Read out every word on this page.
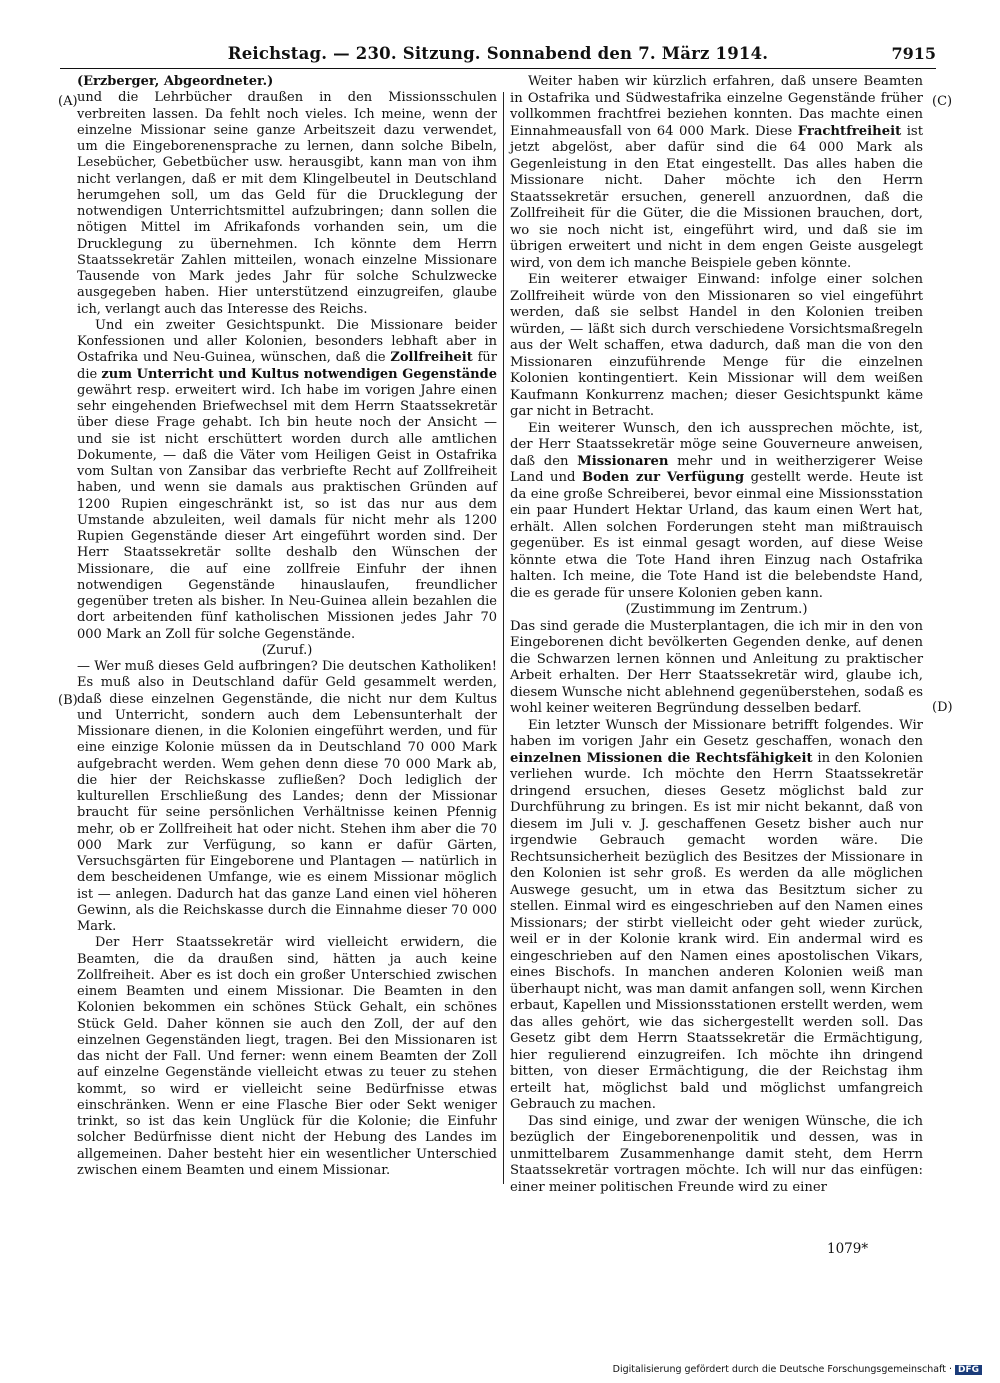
Reichstag. — 230. Sitzung. Sonnabend den 7. März 1914.	7915
(A)
(B)
(C)
(D)

(Erzberger, Abgeordneter.)

und die Lehrbücher draußen in den Missionsschulen verbreiten lassen. Da fehlt noch vieles. Ich meine, wenn der einzelne Missionar seine ganze Arbeitszeit dazu verwendet, um die Eingeborenensprache zu lernen, dann solche Bibeln, Lesebücher, Gebetbücher usw. herausgibt, kann man von ihm nicht verlangen, daß er mit dem Klingelbeutel in Deutschland herumgehen soll, um das Geld für die Drucklegung der notwendigen Unterrichtsmittel aufzubringen; dann sollen die nötigen Mittel im Afrikafonds vorhanden sein, um die Drucklegung zu übernehmen. Ich könnte dem Herrn Staatssekretär Zahlen mitteilen, wonach einzelne Missionare Tausende von Mark jedes Jahr für solche Schulzwecke ausgegeben haben. Hier unterstützend einzugreifen, glaube ich, verlangt auch das Interesse des Reichs.

Und ein zweiter Gesichtspunkt. Die Missionare beider Konfessionen und aller Kolonien, besonders lebhaft aber in Ostafrika und Neu-Guinea, wünschen, daß die Zollfreiheit für die zum Unterricht und Kultus notwendigen Gegenstände gewährt resp. erweitert wird. Ich habe im vorigen Jahre einen sehr eingehenden Briefwechsel mit dem Herrn Staatssekretär über diese Frage gehabt. Ich bin heute noch der Ansicht — und sie ist nicht erschüttert worden durch alle amtlichen Dokumente, — daß die Väter vom Heiligen Geist in Ostafrika vom Sultan von Zansibar das verbriefte Recht auf Zollfreiheit haben, und wenn sie damals aus praktischen Gründen auf 1200 Rupien eingeschränkt ist, so ist das nur aus dem Umstande abzuleiten, weil damals für nicht mehr als 1200 Rupien Gegenstände dieser Art eingeführt worden sind. Der Herr Staatssekretär sollte deshalb den Wünschen der Missionare, die auf eine zollfreie Einfuhr der ihnen notwendigen Gegenstände hinauslaufen, freundlicher gegenüber treten als bisher. In Neu-Guinea allein bezahlen die dort arbeitenden fünf katholischen Missionen jedes Jahr 70 000 Mark an Zoll für solche Gegenstände.

(Zuruf.)

— Wer muß dieses Geld aufbringen? Die deutschen Katholiken! Es muß also in Deutschland dafür Geld gesammelt werden, daß diese einzelnen Gegenstände, die nicht nur dem Kultus und Unterricht, sondern auch dem Lebensunterhalt der Missionare dienen, in die Kolonien eingeführt werden, und für eine einzige Kolonie müssen da in Deutschland 70 000 Mark aufgebracht werden. Wem gehen denn diese 70 000 Mark ab, die hier der Reichskasse zufließen? Doch lediglich der kulturellen Erschließung des Landes; denn der Missionar braucht für seine persönlichen Verhältnisse keinen Pfennig mehr, ob er Zollfreiheit hat oder nicht. Stehen ihm aber die 70 000 Mark zur Verfügung, so kann er dafür Gärten, Versuchsgärten für Eingeborene und Plantagen — natürlich in dem bescheidenen Umfange, wie es einem Missionar möglich ist — anlegen. Dadurch hat das ganze Land einen viel höheren Gewinn, als die Reichskasse durch die Einnahme dieser 70 000 Mark.

Der Herr Staatssekretär wird vielleicht erwidern, die Beamten, die da draußen sind, hätten ja auch keine Zollfreiheit. Aber es ist doch ein großer Unterschied zwischen einem Beamten und einem Missionar. Die Beamten in den Kolonien bekommen ein schönes Stück Gehalt, ein schönes Stück Geld. Daher können sie auch den Zoll, der auf den einzelnen Gegenständen liegt, tragen. Bei den Missionaren ist das nicht der Fall. Und ferner: wenn einem Beamten der Zoll auf einzelne Gegenstände vielleicht etwas zu teuer zu stehen kommt, so wird er vielleicht seine Bedürfnisse etwas einschränken. Wenn er eine Flasche Bier oder Sekt weniger trinkt, so ist das kein Unglück für die Kolonie; die Einfuhr solcher Bedürfnisse dient nicht der Hebung des Landes im allgemeinen. Daher besteht hier ein wesentlicher Unterschied zwischen einem Beamten und einem Missionar.

Weiter haben wir kürzlich erfahren, daß unsere Beamten in Ostafrika und Südwestafrika einzelne Gegenstände früher vollkommen frachtfrei beziehen konnten. Das machte einen Einnahmeausfall von 64 000 Mark. Diese Frachtfreiheit ist jetzt abgelöst, aber dafür sind die 64 000 Mark als Gegenleistung in den Etat eingestellt. Das alles haben die Missionare nicht. Daher möchte ich den Herrn Staatssekretär ersuchen, generell anzuordnen, daß die Zollfreiheit für die Güter, die die Missionen brauchen, dort, wo sie noch nicht ist, eingeführt wird, und daß sie im übrigen erweitert und nicht in dem engen Geiste ausgelegt wird, von dem ich manche Beispiele geben könnte.

Ein weiterer etwaiger Einwand: infolge einer solchen Zollfreiheit würde von den Missionaren so viel eingeführt werden, daß sie selbst Handel in den Kolonien treiben würden, — läßt sich durch verschiedene Vorsichtsmaßregeln aus der Welt schaffen, etwa dadurch, daß man die von den Missionaren einzuführende Menge für die einzelnen Kolonien kontingentiert. Kein Missionar will dem weißen Kaufmann Konkurrenz machen; dieser Gesichtspunkt käme gar nicht in Betracht.

Ein weiterer Wunsch, den ich aussprechen möchte, ist, der Herr Staatssekretär möge seine Gouverneure anweisen, daß den Missionaren mehr und in weitherzigerer Weise Land und Boden zur Verfügung gestellt werde. Heute ist da eine große Schreiberei, bevor einmal eine Missionsstation ein paar Hundert Hektar Urland, das kaum einen Wert hat, erhält. Allen solchen Forderungen steht man mißtrauisch gegenüber. Es ist einmal gesagt worden, auf diese Weise könnte etwa die Tote Hand ihren Einzug nach Ostafrika halten. Ich meine, die Tote Hand ist die belebendste Hand, die es gerade für unsere Kolonien geben kann.

(Zustimmung im Zentrum.)

Das sind gerade die Musterplantagen, die ich mir in den von Eingeborenen dicht bevölkerten Gegenden denke, auf denen die Schwarzen lernen können und Anleitung zu praktischer Arbeit erhalten. Der Herr Staatssekretär wird, glaube ich, diesem Wunsche nicht ablehnend gegenüberstehen, sodaß es wohl keiner weiteren Begründung desselben bedarf.

Ein letzter Wunsch der Missionare betrifft folgendes. Wir haben im vorigen Jahr ein Gesetz geschaffen, wonach den einzelnen Missionen die Rechtsfähigkeit in den Kolonien verliehen wurde. Ich möchte den Herrn Staatssekretär dringend ersuchen, dieses Gesetz möglichst bald zur Durchführung zu bringen. Es ist mir nicht bekannt, daß von diesem im Juli v. J. geschaffenen Gesetz bisher auch nur irgendwie Gebrauch gemacht worden wäre. Die Rechtsunsicherheit bezüglich des Besitzes der Missionare in den Kolonien ist sehr groß. Es werden da alle möglichen Auswege gesucht, um in etwa das Besitztum sicher zu stellen. Einmal wird es eingeschrieben auf den Namen eines Missionars; der stirbt vielleicht oder geht wieder zurück, weil er in der Kolonie krank wird. Ein andermal wird es eingeschrieben auf den Namen eines apostolischen Vikars, eines Bischofs. In manchen anderen Kolonien weiß man überhaupt nicht, was man damit anfangen soll, wenn Kirchen erbaut, Kapellen und Missionsstationen erstellt werden, wem das alles gehört, wie das sichergestellt werden soll. Das Gesetz gibt dem Herrn Staatssekretär die Ermächtigung, hier regulierend einzugreifen. Ich möchte ihn dringend bitten, von dieser Ermächtigung, die der Reichstag ihm erteilt hat, möglichst bald und möglichst umfangreich Gebrauch zu machen.

Das sind einige, und zwar der wenigen Wünsche, die ich bezüglich der Eingeborenenpolitik und dessen, was in unmittelbarem Zusammenhange damit steht, dem Herrn Staatssekretär vortragen möchte. Ich will nur das einfügen: einer meiner politischen Freunde wird zu einer

1079*
Digitalisierung gefördert durch die Deutsche Forschungsgemeinschaft · DFG
